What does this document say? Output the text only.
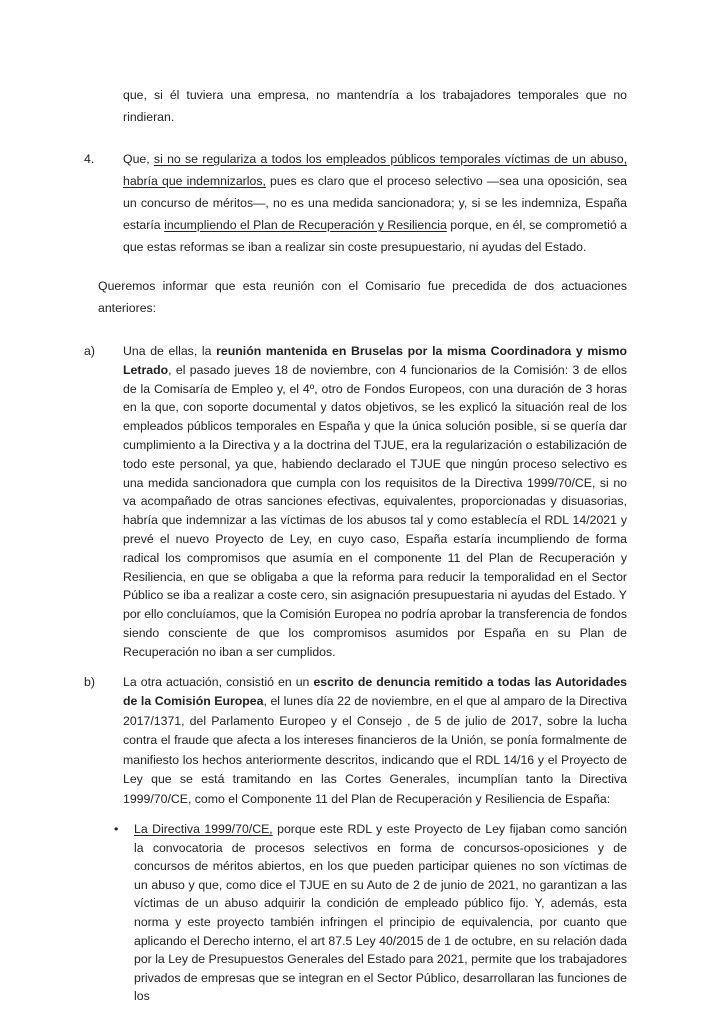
que, si él tuviera una empresa, no mantendría a los trabajadores temporales que no rindieran.

4. Que, si no se regulariza a todos los empleados públicos temporales víctimas de un abuso, habría que indemnizarlos, pues es claro que el proceso selectivo —sea una oposición, sea un concurso de méritos—, no es una medida sancionadora; y, si se les indemniza, España estaría incumpliendo el Plan de Recuperación y Resiliencia porque, en él, se comprometió a que estas reformas se iban a realizar sin coste presupuestario, ni ayudas del Estado.

Queremos informar que esta reunión con el Comisario fue precedida de dos actuaciones anteriores:

a) Una de ellas, la reunión mantenida en Bruselas por la misma Coordinadora y mismo Letrado, el pasado jueves 18 de noviembre, con 4 funcionarios de la Comisión: 3 de ellos de la Comisaría de Empleo y, el 4º, otro de Fondos Europeos, con una duración de 3 horas en la que, con soporte documental y datos objetivos, se les explicó la situación real de los empleados públicos temporales en España y que la única solución posible, si se quería dar cumplimiento a la Directiva y a la doctrina del TJUE, era la regularización o estabilización de todo este personal, ya que, habiendo declarado el TJUE que ningún proceso selectivo es una medida sancionadora que cumpla con los requisitos de la Directiva 1999/70/CE, si no va acompañado de otras sanciones efectivas, equivalentes, proporcionadas y disuasorias, habría que indemnizar a las víctimas de los abusos tal y como establecía el RDL 14/2021 y prevé el nuevo Proyecto de Ley, en cuyo caso, España estaría incumpliendo de forma radical los compromisos que asumía en el componente 11 del Plan de Recuperación y Resiliencia, en que se obligaba a que la reforma para reducir la temporalidad en el Sector Público se iba a realizar a coste cero, sin asignación presupuestaria ni ayudas del Estado. Y por ello concluíamos, que la Comisión Europea no podría aprobar la transferencia de fondos siendo consciente de que los compromisos asumidos por España en su Plan de Recuperación no iban a ser cumplidos.

b) La otra actuación, consistió en un escrito de denuncia remitido a todas las Autoridades de la Comisión Europea, el lunes día 22 de noviembre, en el que al amparo de la Directiva 2017/1371, del Parlamento Europeo y el Consejo , de 5 de julio de 2017, sobre la lucha contra el fraude que afecta a los intereses financieros de la Unión, se ponía formalmente de manifiesto los hechos anteriormente descritos, indicando que el RDL 14/16 y el Proyecto de Ley que se está tramitando en las Cortes Generales, incumplían tanto la Directiva 1999/70/CE, como el Componente 11 del Plan de Recuperación y Resiliencia de España:

• La Directiva 1999/70/CE, porque este RDL y este Proyecto de Ley fijaban como sanción la convocatoria de procesos selectivos en forma de concursos-oposiciones y de concursos de méritos abiertos, en los que pueden participar quienes no son víctimas de un abuso y que, como dice el TJUE en su Auto de 2 de junio de 2021, no garantizan a las víctimas de un abuso adquirir la condición de empleado público fijo. Y, además, esta norma y este proyecto también infringen el principio de equivalencia, por cuanto que aplicando el Derecho interno, el art 87.5 Ley 40/2015 de 1 de octubre, en su relación dada por la Ley de Presupuestos Generales del Estado para 2021, permite que los trabajadores privados de empresas que se integran en el Sector Público, desarrollaran las funciones de los
